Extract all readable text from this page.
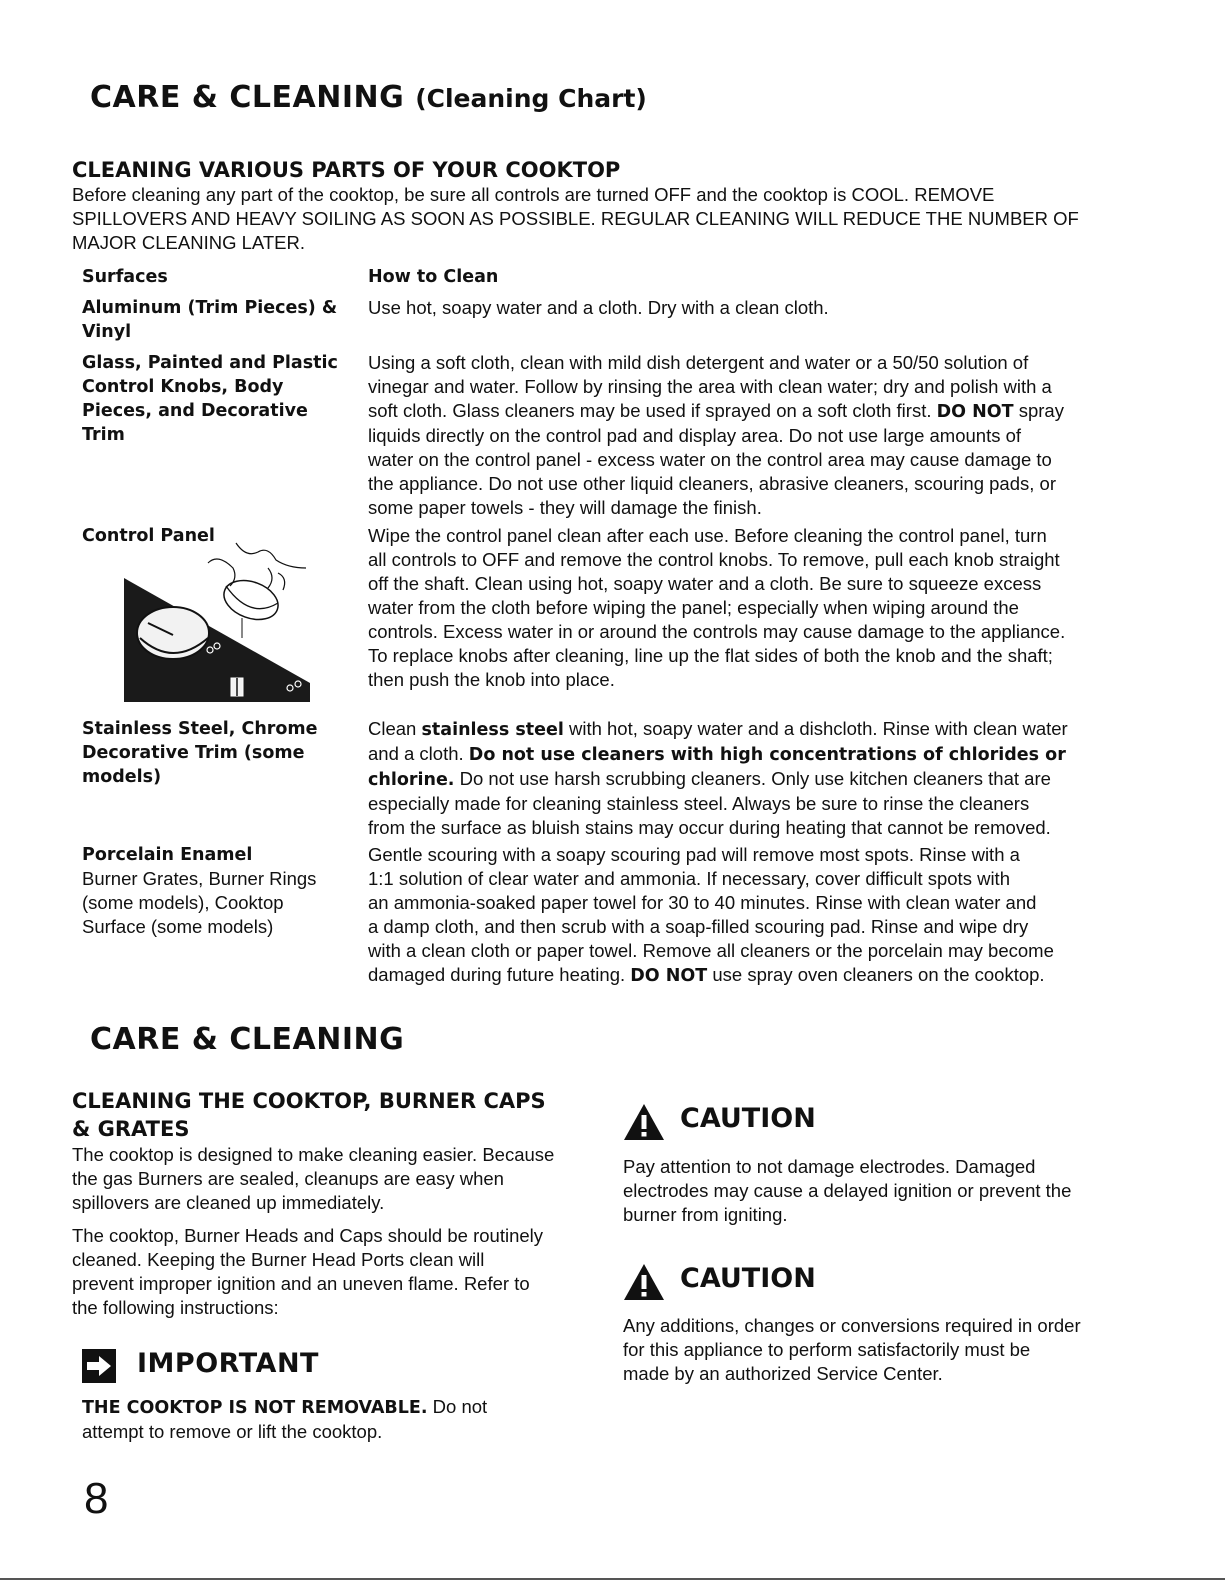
CARE & CLEANING (Cleaning Chart)
CLEANING VARIOUS PARTS OF YOUR COOKTOP
Before cleaning any part of the cooktop, be sure all controls are turned OFF and the cooktop is COOL. REMOVE
SPILLOVERS AND HEAVY SOILING AS SOON AS POSSIBLE. REGULAR CLEANING WILL REDUCE THE NUMBER OF
MAJOR CLEANING LATER.
Surfaces	How to Clean
Aluminum (Trim Pieces) &
Vinyl
Use hot, soapy water and a cloth. Dry with a clean cloth.
Glass, Painted and Plastic
Control Knobs, Body
Pieces, and Decorative
Trim
Using a soft cloth, clean with mild dish detergent and water or a 50/50 solution of
vinegar and water. Follow by rinsing the area with clean water; dry and polish with a
soft cloth. Glass cleaners may be used if sprayed on a soft cloth first. DO NOT spray
liquids directly on the control pad and display area. Do not use large amounts of
water on the control panel - excess water on the control area may cause damage to
the appliance. Do not use other liquid cleaners, abrasive cleaners, scouring pads, or
some paper towels - they will damage the finish.
Control Panel	Wipe the control panel clean after each use. Before cleaning the control panel, turn
all controls to OFF and remove the control knobs. To remove, pull each knob straight
off the shaft. Clean using hot, soapy water and a cloth. Be sure to squeeze excess
water from the cloth before wiping the panel; especially when wiping around the
controls. Excess water in or around the controls may cause damage to the appliance.
To replace knobs after cleaning, line up the flat sides of both the knob and the shaft;
then push the knob into place.
Stainless Steel, Chrome
Decorative Trim (some
models)
Clean stainless steel with hot, soapy water and a dishcloth. Rinse with clean water
and a cloth. Do not use cleaners with high concentrations of chlorides or
chlorine. Do not use harsh scrubbing cleaners. Only use kitchen cleaners that are
especially made for cleaning stainless steel. Always be sure to rinse the cleaners
from the surface as bluish stains may occur during heating that cannot be removed.
Porcelain Enamel
Burner Grates, Burner Rings
(some models), Cooktop
Surface (some models)
Gentle scouring with a soapy scouring pad will remove most spots. Rinse with a
1:1 solution of clear water and ammonia. If necessary, cover difficult spots with
an ammonia-soaked paper towel for 30 to 40 minutes. Rinse with clean water and
a damp cloth, and then scrub with a soap-filled scouring pad. Rinse and wipe dry
with a clean cloth or paper towel. Remove all cleaners or the porcelain may become
damaged during future heating. DO NOT use spray oven cleaners on the cooktop.
CARE & CLEANING
CLEANING THE COOKTOP, BURNER CAPS
& GRATES
The cooktop is designed to make cleaning easier. Because
the gas Burners are sealed, cleanups are easy when
spillovers are cleaned up immediately.
The cooktop, Burner Heads and Caps should be routinely
cleaned. Keeping the Burner Head Ports clean will
prevent improper ignition and an uneven flame. Refer to
the following instructions:
IMPORTANT
THE COOKTOP IS NOT REMOVABLE. Do not
attempt to remove or lift the cooktop.
CAUTION
Pay attention to not damage electrodes. Damaged
electrodes may cause a delayed ignition or prevent the
burner from igniting.
CAUTION
Any additions, changes or conversions required in order
for this appliance to perform satisfactorily must be
made by an authorized Service Center.
8
